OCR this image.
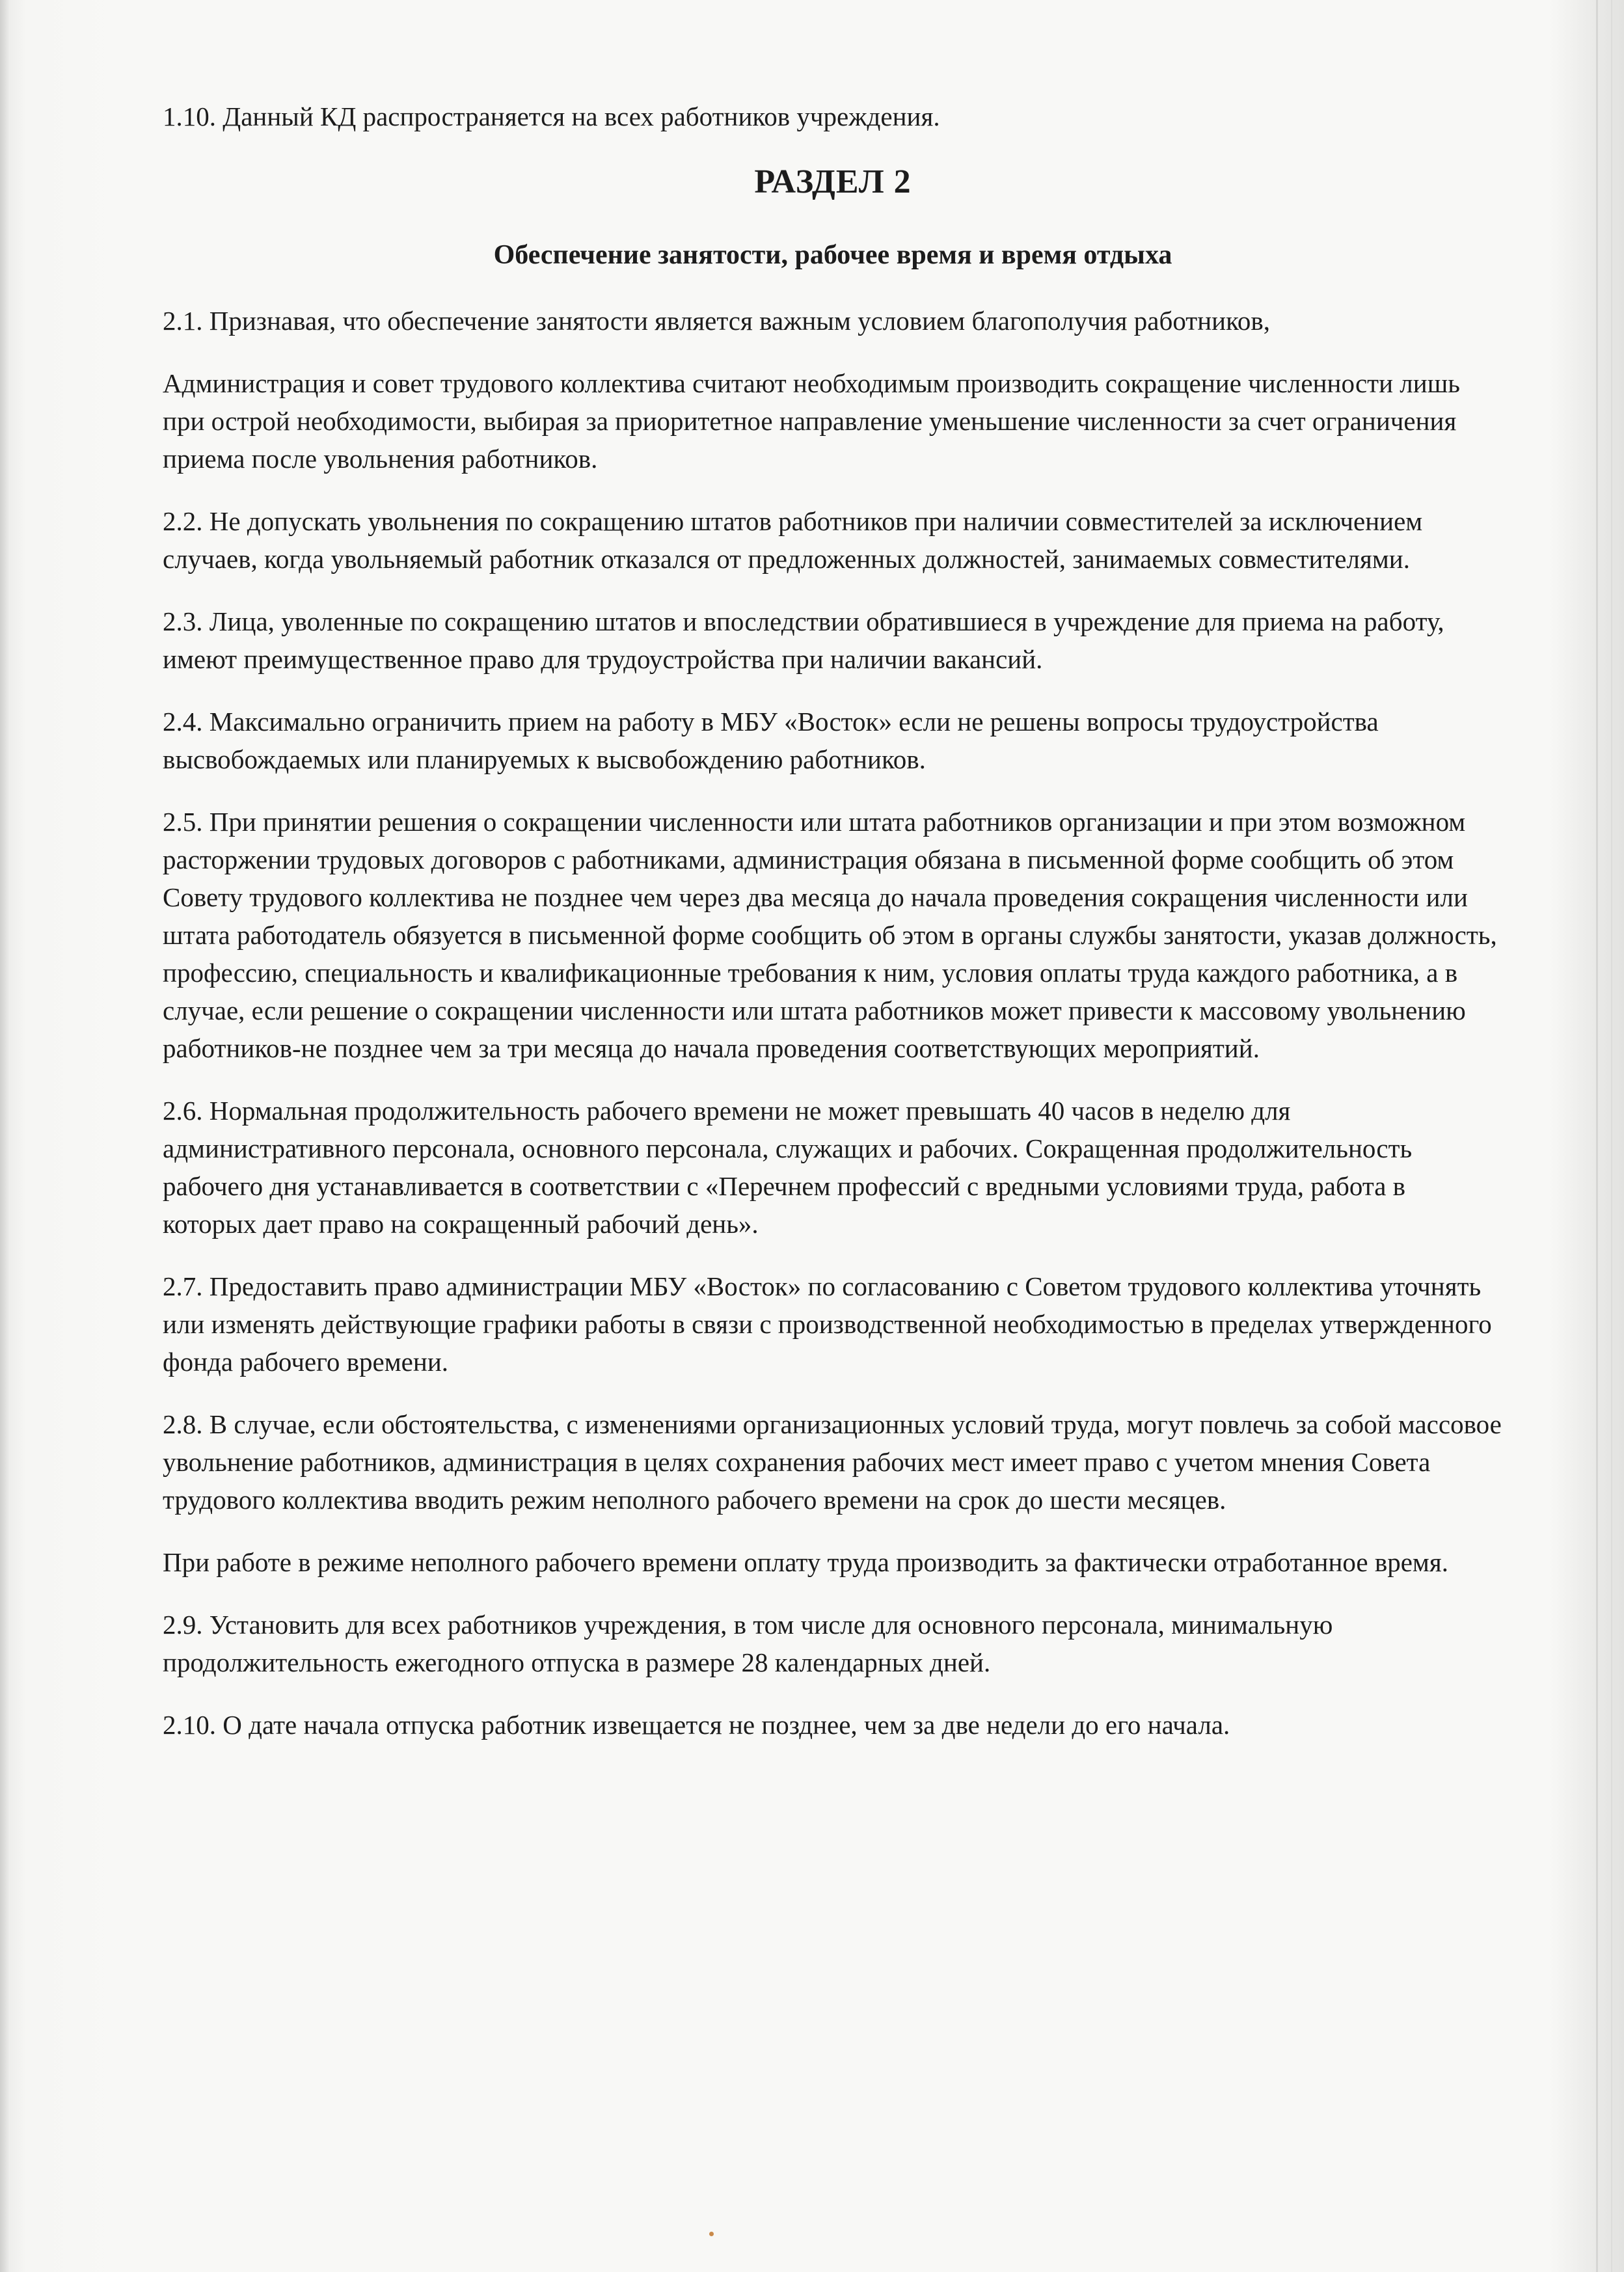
1.10. Данный КД распространяется на всех работников учреждения.

РАЗДЕЛ 2
Обеспечение занятости, рабочее время и время отдыха

2.1. Признавая, что обеспечение занятости является важным условием благополучия работников,

Администрация и совет трудового коллектива считают необходимым производить сокращение численности лишь при острой необходимости, выбирая за приоритетное направление уменьшение численности за счет ограничения приема после увольнения работников.

2.2. Не допускать увольнения по сокращению штатов работников при наличии совместителей за исключением случаев, когда увольняемый работник отказался от предложенных должностей, занимаемых совместителями.

2.3. Лица, уволенные по сокращению штатов и впоследствии обратившиеся в учреждение для приема на работу, имеют преимущественное право для трудоустройства при наличии вакансий.

2.4. Максимально ограничить прием на работу в МБУ «Восток» если не решены вопросы трудоустройства высвобождаемых или планируемых к высвобождению работников.

2.5. При принятии решения о сокращении численности или штата работников организации и при этом возможном расторжении трудовых договоров с работниками, администрация обязана в письменной форме сообщить об этом Совету трудового коллектива не позднее чем через два месяца до начала проведения сокращения численности или штата работодатель обязуется в письменной форме сообщить об этом в органы службы занятости, указав должность, профессию, специальность и квалификационные требования к ним, условия оплаты труда каждого работника, а в случае, если решение о сокращении численности или штата работников может привести к массовому увольнению работников-не позднее чем за три месяца до начала проведения соответствующих мероприятий.

2.6. Нормальная продолжительность рабочего времени не может превышать 40 часов в неделю для административного персонала, основного персонала, служащих и рабочих. Сокращенная продолжительность рабочего дня устанавливается в соответствии с «Перечнем профессий с вредными условиями труда, работа в которых дает право на сокращенный рабочий день».

2.7. Предоставить право администрации МБУ «Восток» по согласованию с Советом трудового коллектива уточнять или изменять действующие графики работы в связи с производственной необходимостью в пределах утвержденного фонда рабочего времени.

2.8. В случае, если обстоятельства, с изменениями организационных условий труда, могут повлечь за собой массовое увольнение работников, администрация в целях сохранения рабочих мест имеет право с учетом мнения Совета трудового коллектива вводить режим неполного рабочего времени на срок до шести месяцев.

При работе в режиме неполного рабочего времени оплату труда производить за фактически отработанное время.

2.9. Установить для всех работников учреждения, в том числе для основного персонала, минимальную продолжительность ежегодного отпуска в размере 28 календарных дней.

2.10. О дате начала отпуска работник извещается не позднее, чем за две недели до его начала.
